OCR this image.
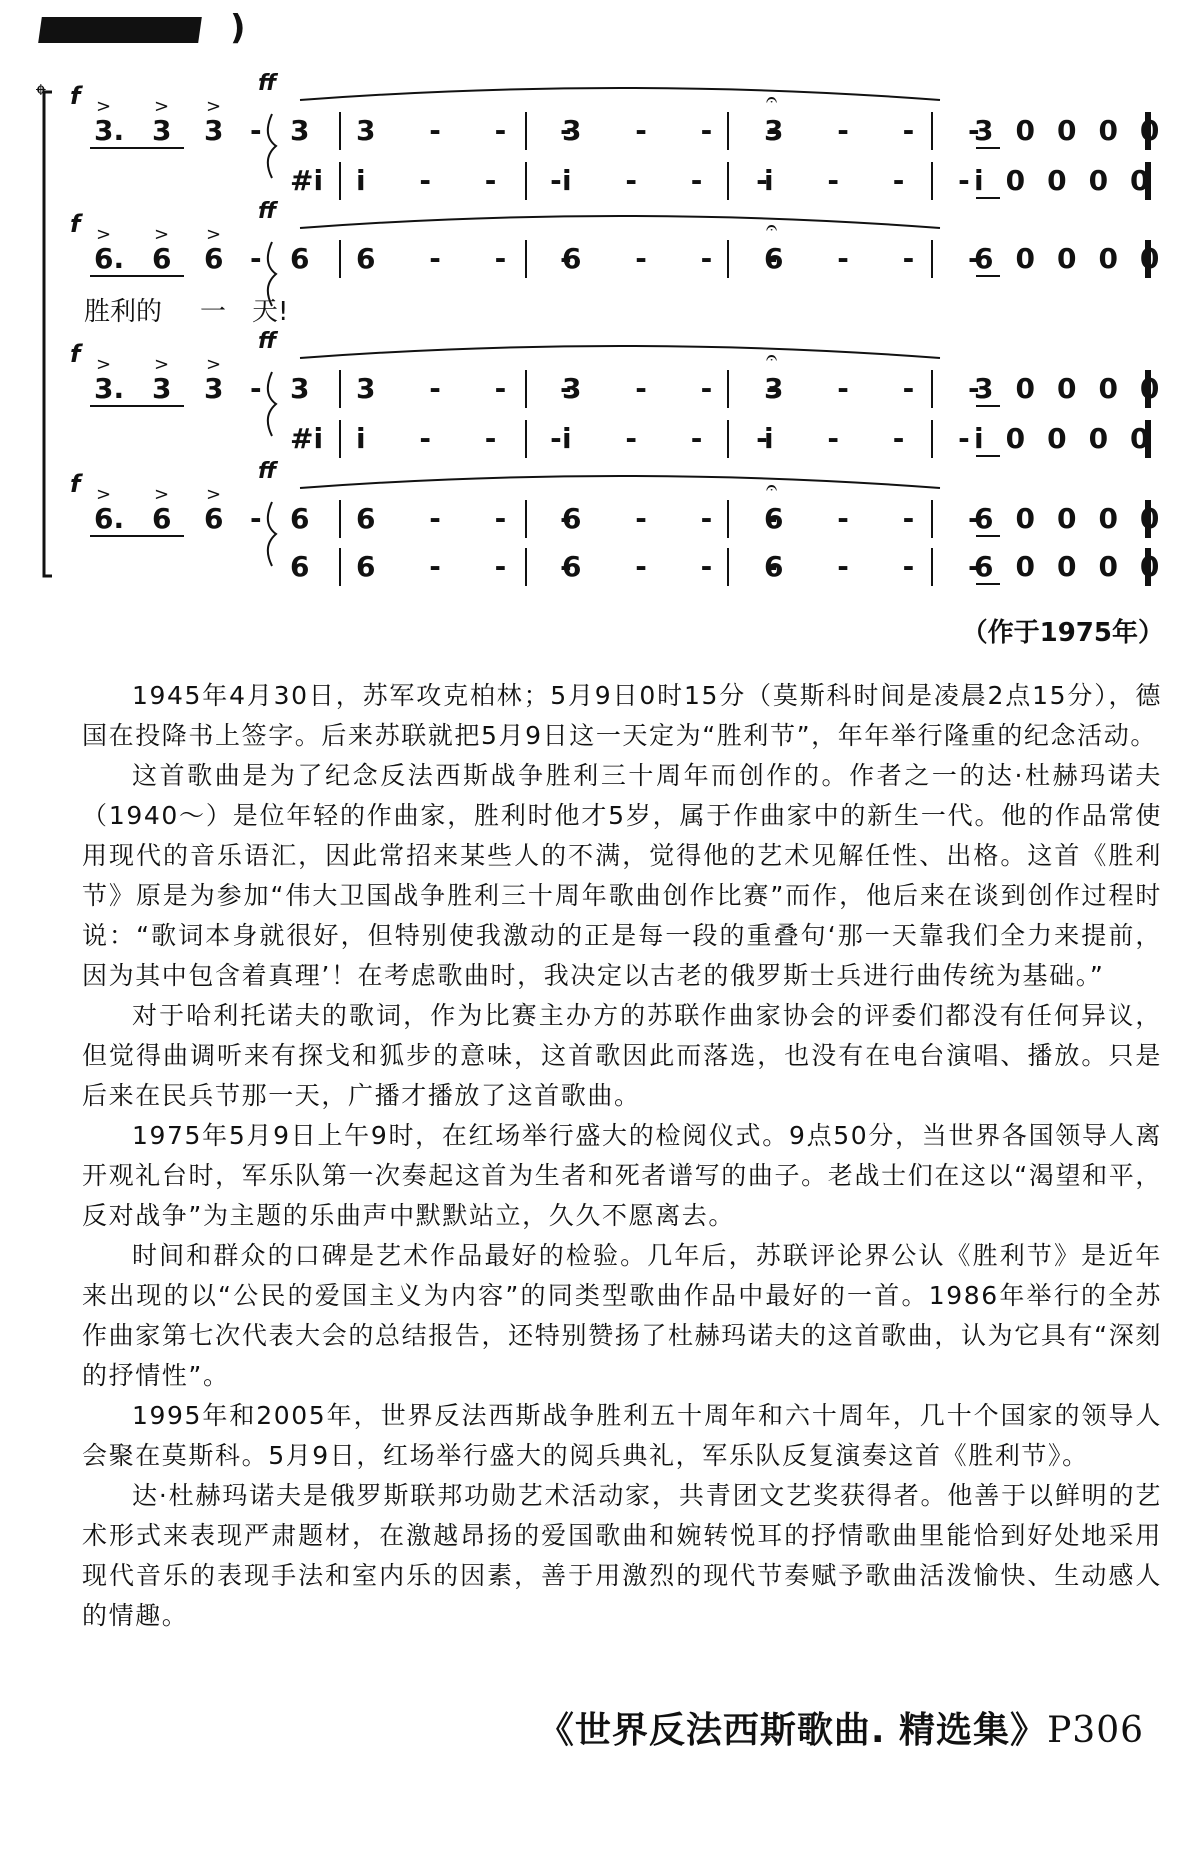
)
𝄌 f
3.
>
3
>
3
>
-
ff
3 3 - - -
3 - - -
3 - - -
30000
𝄐
#i i - - -
i - - -
i - - -
i0000
f
6.
>
6
>
6
>
-
ff
胜利的 一 天!
6 6 - - -
6 - - -
6 - - -
60000
𝄐
f
3.
>
3
>
3
>
-
ff
3 3 - - -
3 - - -
3 - - -
30000
𝄐
#i i - - -
i - - -
i - - -
i0000
f
6.
>
6
>
6
>
-
ff
6 6 - - -
6 - - -
6 - - -
60000
𝄐
6 6 - - -
6 - - -
6 - - -
60000
（作于1975年）

1945年4月30日，苏军攻克柏林；5月9日0时15分（莫斯科时间是凌晨2点15分），德国在投降书上签字。后来苏联就把5月9日这一天定为“胜利节”，年年举行隆重的纪念活动。

这首歌曲是为了纪念反法西斯战争胜利三十周年而创作的。作者之一的达·杜赫玛诺夫（1940～）是位年轻的作曲家，胜利时他才5岁，属于作曲家中的新生一代。他的作品常使用现代的音乐语汇，因此常招来某些人的不满，觉得他的艺术见解任性、出格。这首《胜利节》原是为参加“伟大卫国战争胜利三十周年歌曲创作比赛”而作，他后来在谈到创作过程时说：“歌词本身就很好，但特别使我激动的正是每一段的重叠句‘那一天靠我们全力来提前，因为其中包含着真理’！在考虑歌曲时，我决定以古老的俄罗斯士兵进行曲传统为基础。”

对于哈利托诺夫的歌词，作为比赛主办方的苏联作曲家协会的评委们都没有任何异议，但觉得曲调听来有探戈和狐步的意味，这首歌因此而落选，也没有在电台演唱、播放。只是后来在民兵节那一天，广播才播放了这首歌曲。

1975年5月9日上午9时，在红场举行盛大的检阅仪式。9点50分，当世界各国领导人离开观礼台时，军乐队第一次奏起这首为生者和死者谱写的曲子。老战士们在这以“渴望和平，反对战争”为主题的乐曲声中默默站立，久久不愿离去。

时间和群众的口碑是艺术作品最好的检验。几年后，苏联评论界公认《胜利节》是近年来出现的以“公民的爱国主义为内容”的同类型歌曲作品中最好的一首。1986年举行的全苏作曲家第七次代表大会的总结报告，还特别赞扬了杜赫玛诺夫的这首歌曲，认为它具有“深刻的抒情性”。

1995年和2005年，世界反法西斯战争胜利五十周年和六十周年，几十个国家的领导人会聚在莫斯科。5月9日，红场举行盛大的阅兵典礼，军乐队反复演奏这首《胜利节》。

达·杜赫玛诺夫是俄罗斯联邦功勋艺术活动家，共青团文艺奖获得者。他善于以鲜明的艺术形式来表现严肃题材，在激越昂扬的爱国歌曲和婉转悦耳的抒情歌曲里能恰到好处地采用现代音乐的表现手法和室内乐的因素，善于用激烈的现代节奏赋予歌曲活泼愉快、生动感人的情趣。

《世界反法西斯歌曲. 精选集》P306
